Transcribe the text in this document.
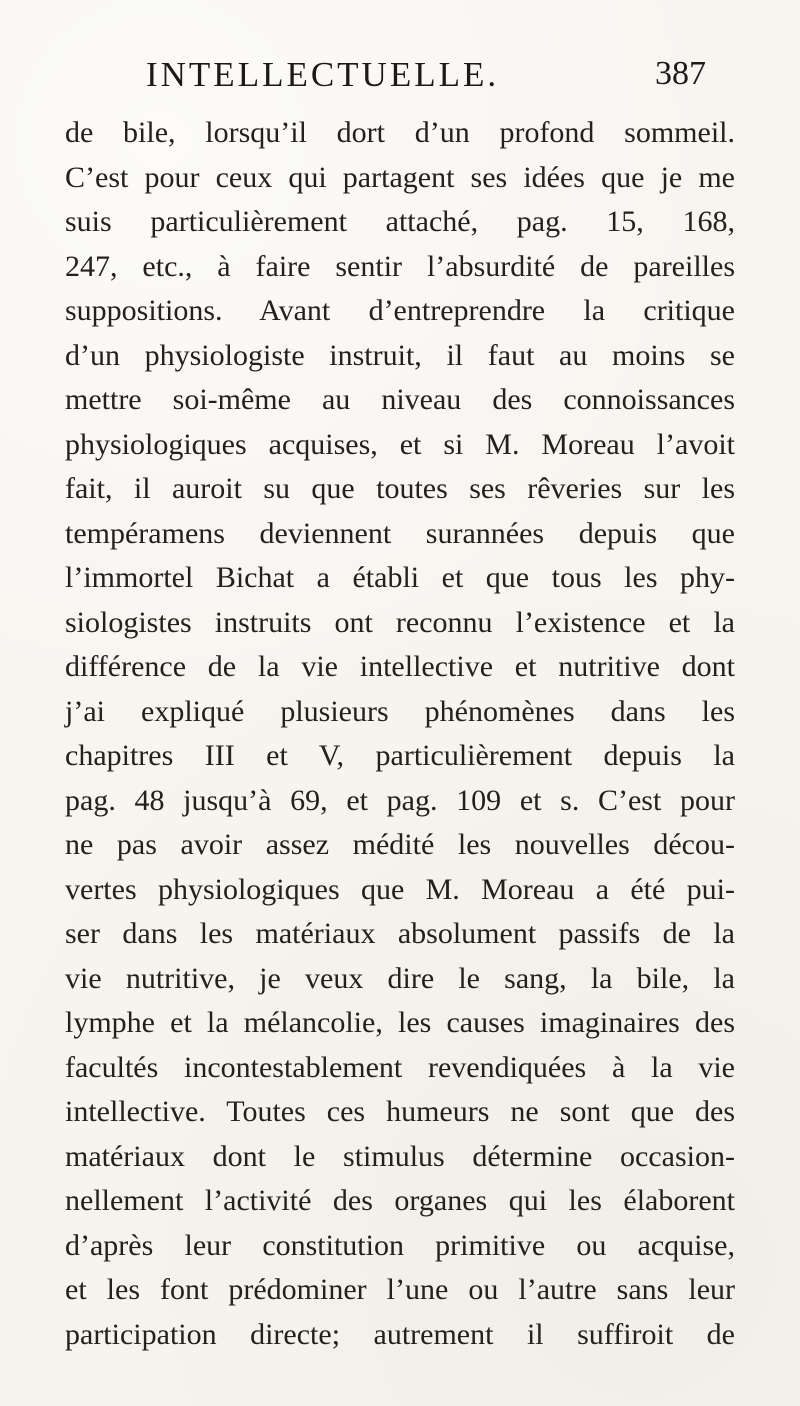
INTELLECTUELLE.	387
de bile, lorsqu’il dort d’un profond sommeil.
C’est pour ceux qui partagent ses idées que je me
suis particulièrement attaché, pag. 15, 168,
247, etc., à faire sentir l’absurdité de pareilles
suppositions. Avant d’entreprendre la critique
d’un physiologiste instruit, il faut au moins se
mettre soi-même au niveau des connoissances
physiologiques acquises, et si M. Moreau l’avoit
fait, il auroit su que toutes ses rêveries sur les
tempéramens deviennent surannées depuis que
l’immortel Bichat a établi et que tous les phy-
siologistes instruits ont reconnu l’existence et la
différence de la vie intellective et nutritive dont
j’ai expliqué plusieurs phénomènes dans les
chapitres III et V, particulièrement depuis la
pag. 48 jusqu’à 69, et pag. 109 et s. C’est pour
ne pas avoir assez médité les nouvelles décou-
vertes physiologiques que M. Moreau a été pui-
ser dans les matériaux absolument passifs de la
vie nutritive, je veux dire le sang, la bile, la
lymphe et la mélancolie, les causes imaginaires des
facultés incontestablement revendiquées à la vie
intellective. Toutes ces humeurs ne sont que des
matériaux dont le stimulus détermine occasion-
nellement l’activité des organes qui les élaborent
d’après leur constitution primitive ou acquise,
et les font prédominer l’une ou l’autre sans leur
participation directe; autrement il suffiroit de
